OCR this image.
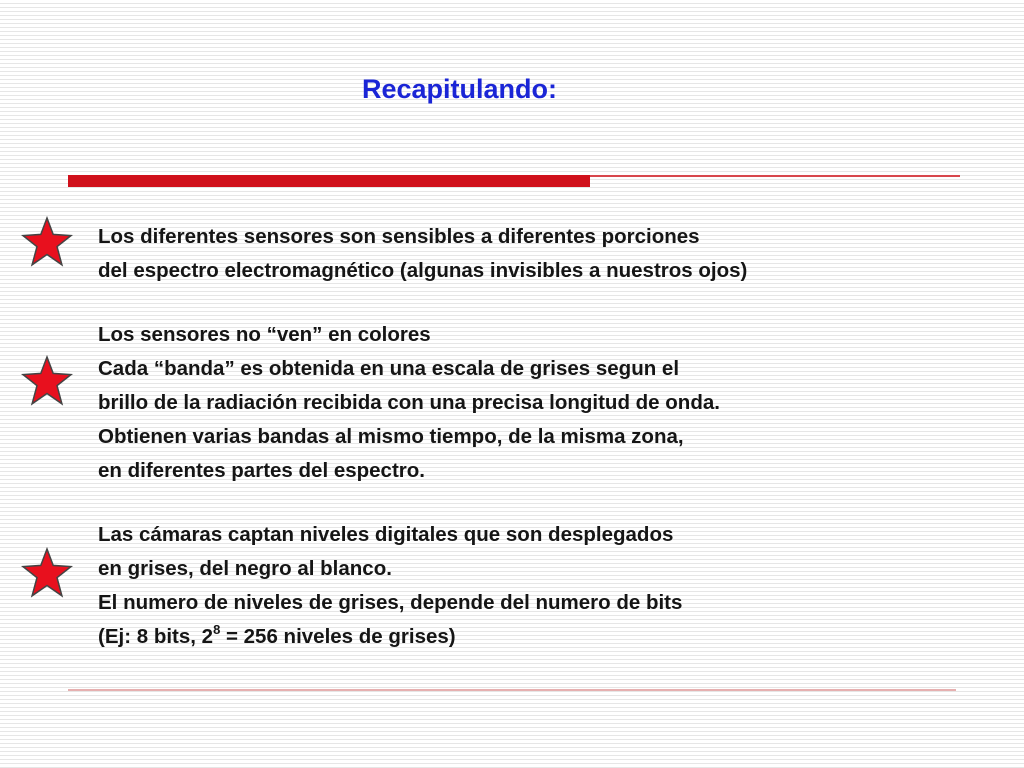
Recapitulando:
Los diferentes sensores son sensibles a diferentes porciones
del espectro electromagnético (algunas invisibles a nuestros ojos)
Los sensores no “ven” en colores
Cada “banda” es obtenida en una escala de grises segun el
brillo de la radiación recibida con una precisa longitud de onda.
Obtienen varias bandas al mismo tiempo, de la misma zona,
en diferentes partes del espectro.
Las cámaras captan niveles digitales que son desplegados
en grises, del negro al blanco.
El numero de niveles de grises, depende del numero de bits
(Ej: 8 bits, $2^8 = 256$ niveles de grises)
